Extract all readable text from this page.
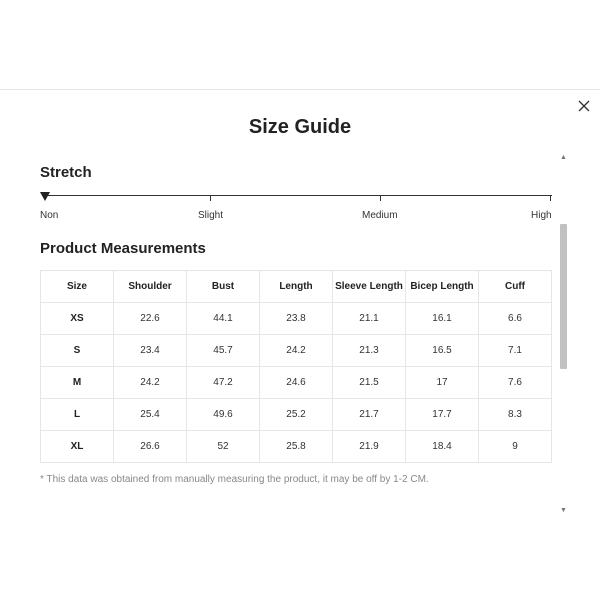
Size Guide
Stretch
Non	Slight	Medium	High
Product Measurements
Size	Shoulder	Bust	Length	Sleeve Length	Bicep Length	Cuff
XS	22.6	44.1	23.8	21.1	16.1	6.6
S	23.4	45.7	24.2	21.3	16.5	7.1
M	24.2	47.2	24.6	21.5	17	7.6
L	25.4	49.6	25.2	21.7	17.7	8.3
XL	26.6	52	25.8	21.9	18.4	9
* This data was obtained from manually measuring the product, it may be off by 1-2 CM.
▲
▼
